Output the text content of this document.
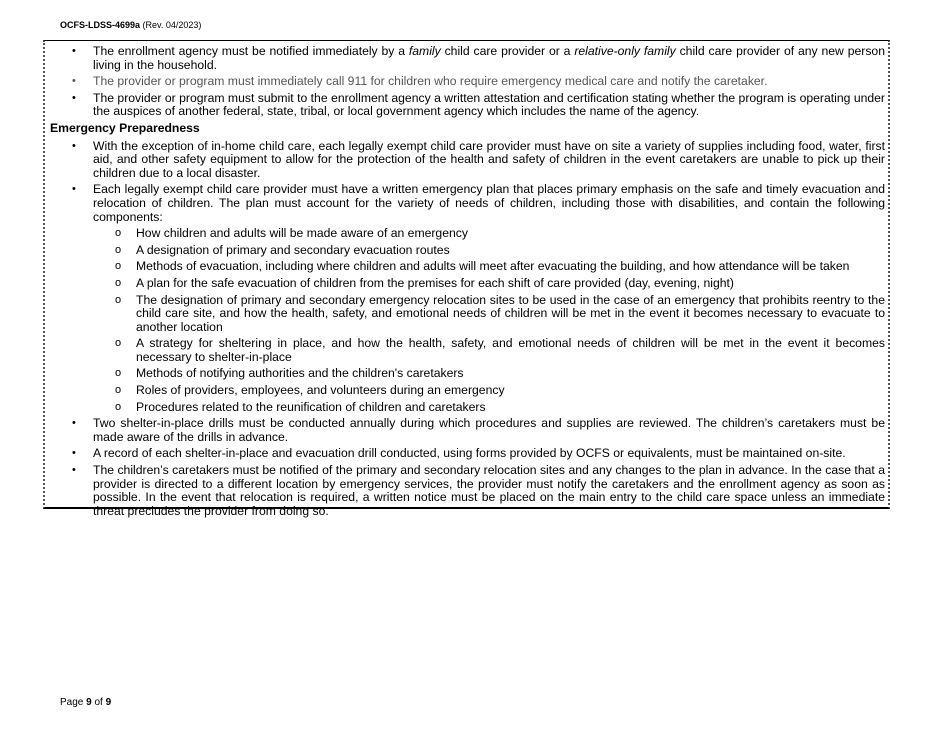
OCFS-LDSS-4699a (Rev. 04/2023)
• The enrollment agency must be notified immediately by a family child care provider or a relative-only family child care provider of any new person living in the household.
• The provider or program must immediately call 911 for children who require emergency medical care and notify the caretaker.
• The provider or program must submit to the enrollment agency a written attestation and certification stating whether the program is operating under the auspices of another federal, state, tribal, or local government agency which includes the name of the agency.
Emergency Preparedness
• With the exception of in-home child care, each legally exempt child care provider must have on site a variety of supplies including food, water, first aid, and other safety equipment to allow for the protection of the health and safety of children in the event caretakers are unable to pick up their children due to a local disaster.
• Each legally exempt child care provider must have a written emergency plan that places primary emphasis on the safe and timely evacuation and relocation of children. The plan must account for the variety of needs of children, including those with disabilities, and contain the following components:
o How children and adults will be made aware of an emergency
o A designation of primary and secondary evacuation routes
o Methods of evacuation, including where children and adults will meet after evacuating the building, and how attendance will be taken
o A plan for the safe evacuation of children from the premises for each shift of care provided (day, evening, night)
o The designation of primary and secondary emergency relocation sites to be used in the case of an emergency that prohibits reentry to the child care site, and how the health, safety, and emotional needs of children will be met in the event it becomes necessary to evacuate to another location
o A strategy for sheltering in place, and how the health, safety, and emotional needs of children will be met in the event it becomes necessary to shelter-in-place
o Methods of notifying authorities and the children's caretakers
o Roles of providers, employees, and volunteers during an emergency
o Procedures related to the reunification of children and caretakers
• Two shelter-in-place drills must be conducted annually during which procedures and supplies are reviewed. The children’s caretakers must be made aware of the drills in advance.
• A record of each shelter-in-place and evacuation drill conducted, using forms provided by OCFS or equivalents, must be maintained on-site.
• The children’s caretakers must be notified of the primary and secondary relocation sites and any changes to the plan in advance. In the case that a provider is directed to a different location by emergency services, the provider must notify the caretakers and the enrollment agency as soon as possible. In the event that relocation is required, a written notice must be placed on the main entry to the child care space unless an immediate threat precludes the provider from doing so.
Page 9 of 9
